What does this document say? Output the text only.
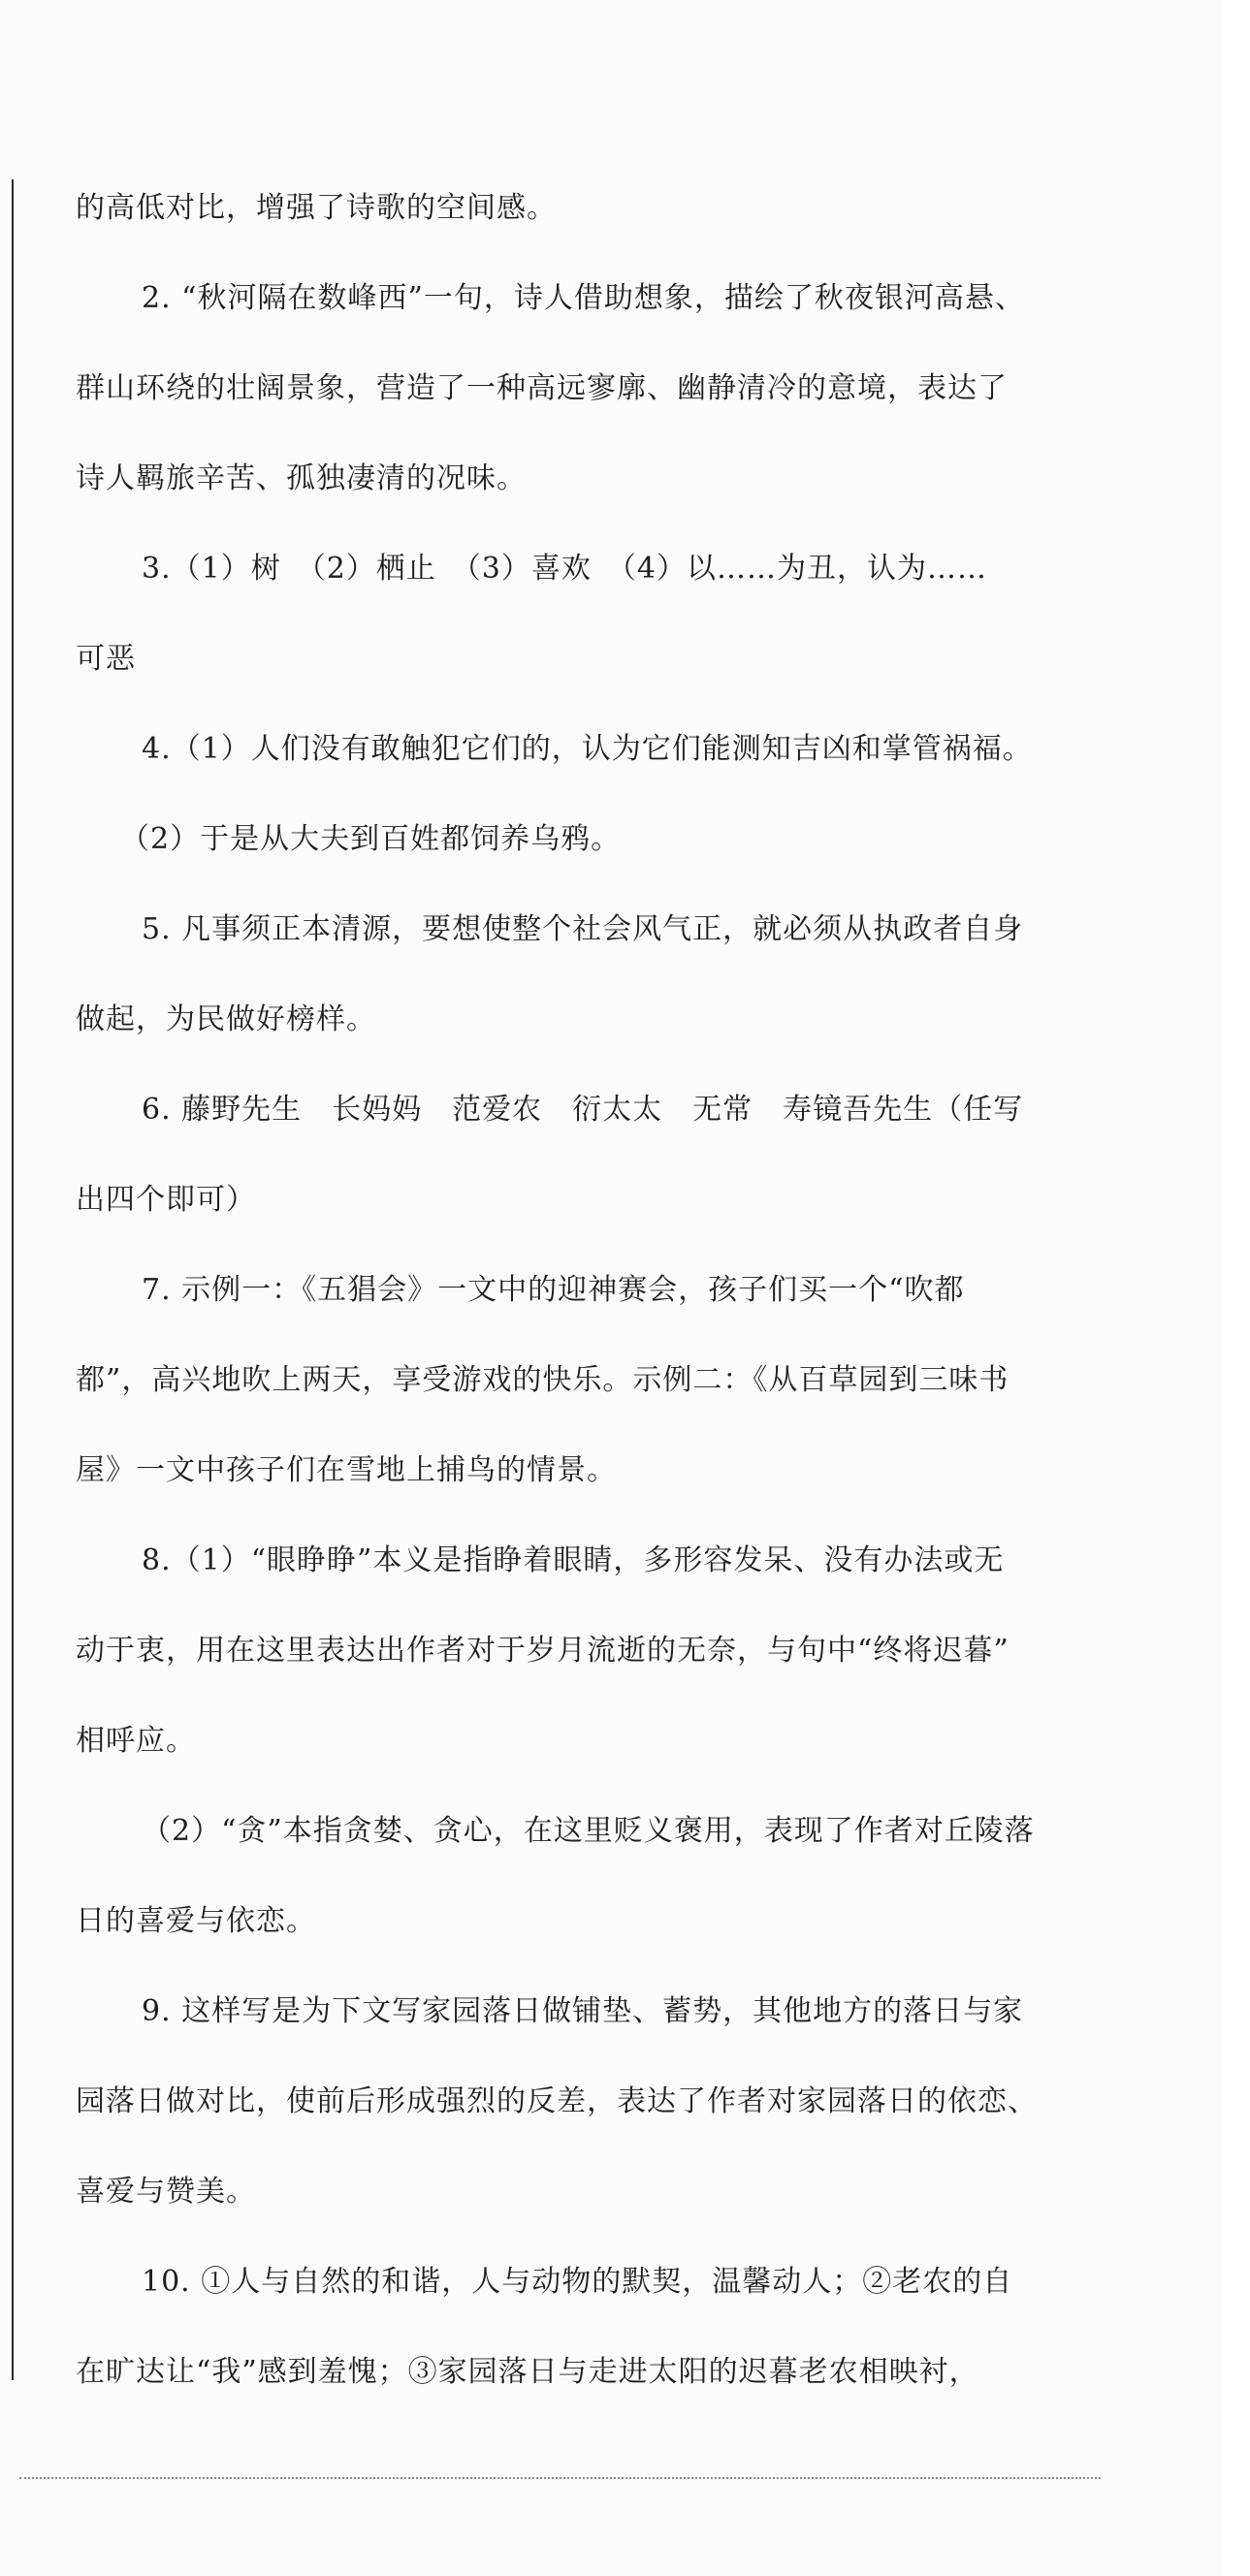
的高低对比，增强了诗歌的空间感。
2. “秋河隔在数峰西”一句，诗人借助想象，描绘了秋夜银河高悬、
群山环绕的壮阔景象，营造了一种高远寥廓、幽静清冷的意境，表达了
诗人羁旅辛苦、孤独凄清的况味。
3.（1）树　（2）栖止　（3）喜欢　（4）以……为丑，认为……
可恶
4.（1）人们没有敢触犯它们的，认为它们能测知吉凶和掌管祸福。
（2）于是从大夫到百姓都饲养乌鸦。
5. 凡事须正本清源，要想使整个社会风气正，就必须从执政者自身
做起，为民做好榜样。
6. 藤野先生　长妈妈　范爱农　衍太太　无常　寿镜吾先生（任写
出四个即可）
7. 示例一：《五猖会》一文中的迎神赛会，孩子们买一个“吹都
都”，高兴地吹上两天，享受游戏的快乐。示例二：《从百草园到三味书
屋》一文中孩子们在雪地上捕鸟的情景。
8.（1）“眼睁睁”本义是指睁着眼睛，多形容发呆、没有办法或无
动于衷，用在这里表达出作者对于岁月流逝的无奈，与句中“终将迟暮”
相呼应。
（2）“贪”本指贪婪、贪心，在这里贬义褒用，表现了作者对丘陵落
日的喜爱与依恋。
9. 这样写是为下文写家园落日做铺垫、蓄势，其他地方的落日与家
园落日做对比，使前后形成强烈的反差，表达了作者对家园落日的依恋、
喜爱与赞美。
10. ①人与自然的和谐，人与动物的默契，温馨动人；②老农的自
在旷达让“我”感到羞愧；③家园落日与走进太阳的迟暮老农相映衬，
